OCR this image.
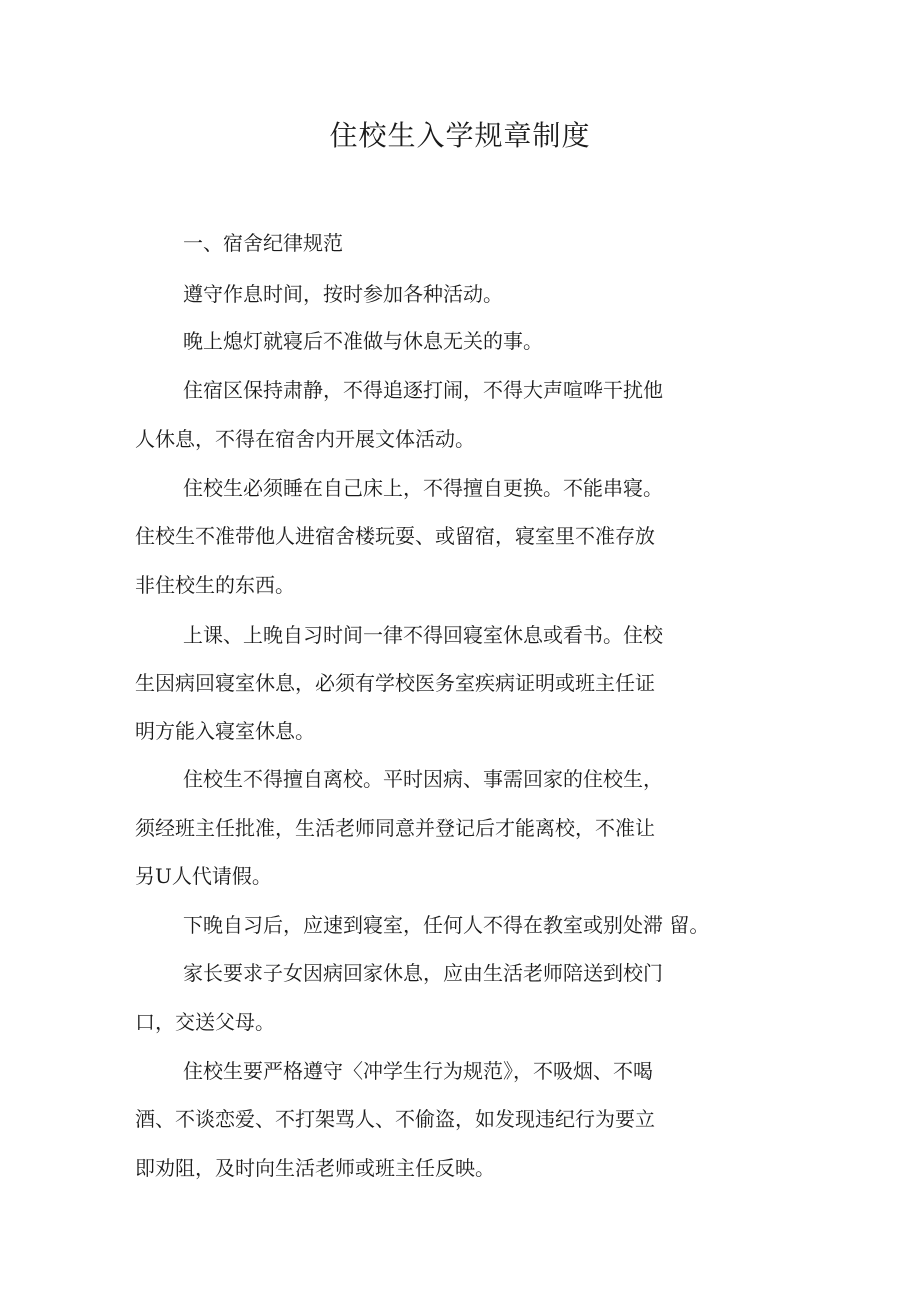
住校生入学规章制度
一、宿舍纪律规范
遵守作息时间，按时参加各种活动。
晚上熄灯就寝后不准做与休息无关的事。
住宿区保持肃静，不得追逐打闹，不得大声喧哗干扰他
人休息，不得在宿舍内开展文体活动。
住校生必须睡在自己床上，不得擅自更换。不能串寝。
住校生不准带他人进宿舍楼玩耍、或留宿，寝室里不准存放
非住校生的东西。
上课、上晚自习时间一律不得回寝室休息或看书。住校
生因病回寝室休息，必须有学校医务室疾病证明或班主任证
明方能入寝室休息。
住校生不得擅自离校。平时因病、事需回家的住校生，
须经班主任批准，生活老师同意并登记后才能离校，不准让
另U人代请假。
下晚自习后，应速到寝室，任何人不得在教室或别处滞 留。
家长要求子女因病回家休息，应由生活老师陪送到校门
口，交送父母。
住校生要严格遵守〈冲学生行为规范》，不吸烟、不喝
酒、不谈恋爱、不打架骂人、不偷盗，如发现违纪行为要立
即劝阻，及时向生活老师或班主任反映。
